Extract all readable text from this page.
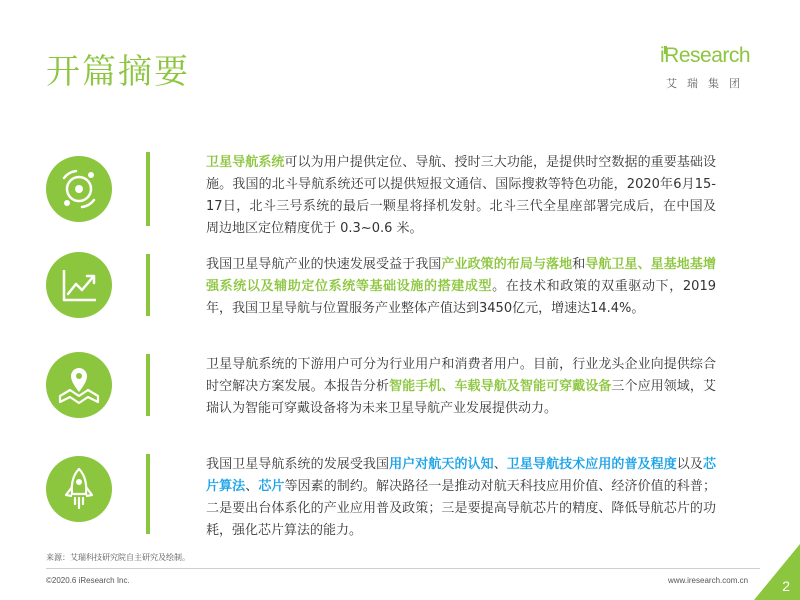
开篇摘要	iResearch
艾瑞集团
卫星导航系统可以为用户提供定位、导航、授时三大功能，是提供时空数据的重要基础设施。我国的北斗导航系统还可以提供短报文通信、国际搜救等特色功能，2020年6月15-17日，北斗三号系统的最后一颗星将择机发射。北斗三代全星座部署完成后，在中国及周边地区定位精度优于 0.3~0.6 米。
我国卫星导航产业的快速发展受益于我国产业政策的布局与落地和导航卫星、星基地基增强系统以及辅助定位系统等基础设施的搭建成型。在技术和政策的双重驱动下，2019年，我国卫星导航与位置服务产业整体产值达到3450亿元，增速达14.4%。
卫星导航系统的下游用户可分为行业用户和消费者用户。目前，行业龙头企业向提供综合时空解决方案发展。本报告分析智能手机、车载导航及智能可穿戴设备三个应用领域，艾瑞认为智能可穿戴设备将为未来卫星导航产业发展提供动力。
我国卫星导航系统的发展受我国用户对航天的认知、卫星导航技术应用的普及程度以及芯片算法、芯片等因素的制约。解决路径一是推动对航天科技应用价值、经济价值的科普；二是要出台体系化的产业应用普及政策；三是要提高导航芯片的精度、降低导航芯片的功耗，强化芯片算法的能力。
来源：艾瑞科技研究院自主研究及绘制。
©2020.6 iResearch Inc.	www.iresearch.com.cn 2
